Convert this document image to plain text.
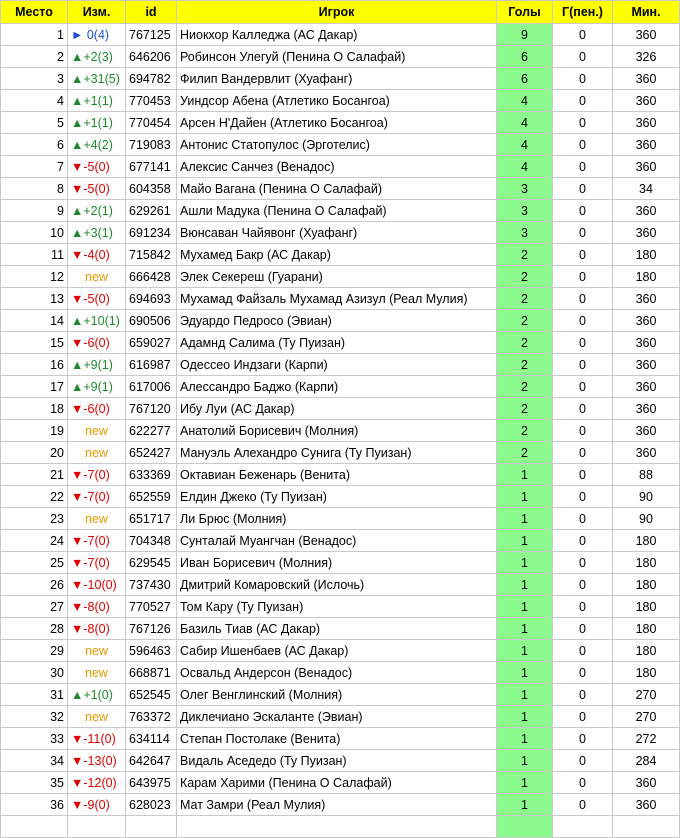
Место	Изм.	id	Игрок	Голы	Г(пен.)	Мин.
1	► 0(4)	767125	Ниокхор Калледжа (АС Дакар)	9	0	360
2	▲+2(3)	646206	Робинсон Улегуй (Пенина О Салафай)	6	0	326
3	▲+31(5)	694782	Филип Вандервлит (Хуафанг)	6	0	360
4	▲+1(1)	770453	Уиндсор Абена (Атлетико Босангоа)	4	0	360
5	▲+1(1)	770454	Арсен Н'Дайен (Атлетико Босангоа)	4	0	360
6	▲+4(2)	719083	Антонис Статопулос (Эрготелис)	4	0	360
7	▼-5(0)	677141	Алексис Санчез (Венадос)	4	0	360
8	▼-5(0)	604358	Майо Вагана (Пенина О Салафай)	3	0	34
9	▲+2(1)	629261	Ашли Мадука (Пенина О Салафай)	3	0	360
10	▲+3(1)	691234	Вюнсаван Чайявонг (Хуафанг)	3	0	360
11	▼-4(0)	715842	Мухамед Бакр (АС Дакар)	2	0	180
12	new	666428	Элек Секереш (Гуарани)	2	0	180
13	▼-5(0)	694693	Мухамад Файзаль Мухамад Азизул (Реал Мулия)	2	0	360
14	▲+10(1)	690506	Эдуардо Педросо (Эвиан)	2	0	360
15	▼-6(0)	659027	Адамнд Салима (Ту Пуизан)	2	0	360
16	▲+9(1)	616987	Одессео Индзаги (Карпи)	2	0	360
17	▲+9(1)	617006	Алессандро Баджо (Карпи)	2	0	360
18	▼-6(0)	767120	Ибу Луи (АС Дакар)	2	0	360
19	new	622277	Анатолий Борисевич (Молния)	2	0	360
20	new	652427	Мануэль Алехандро Сунига (Ту Пуизан)	2	0	360
21	▼-7(0)	633369	Октавиан Беженарь (Венита)	1	0	88
22	▼-7(0)	652559	Елдин Джеко (Ту Пуизан)	1	0	90
23	new	651717	Ли Брюс (Молния)	1	0	90
24	▼-7(0)	704348	Сунталай Муангчан (Венадос)	1	0	180
25	▼-7(0)	629545	Иван Борисевич (Молния)	1	0	180
26	▼-10(0)	737430	Дмитрий Комаровский (Ислочь)	1	0	180
27	▼-8(0)	770527	Том Кару (Ту Пуизан)	1	0	180
28	▼-8(0)	767126	Базиль Тиав (АС Дакар)	1	0	180
29	new	596463	Сабир Ишенбаев (АС Дакар)	1	0	180
30	new	668871	Освальд Андерсон (Венадос)	1	0	180
31	▲+1(0)	652545	Олег Венглинский (Молния)	1	0	270
32	new	763372	Диклечиано Эскаланте (Эвиан)	1	0	270
33	▼-11(0)	634114	Степан Постолаке (Венита)	1	0	272
34	▼-13(0)	642647	Видаль Аседедо (Ту Пуизан)	1	0	284
35	▼-12(0)	643975	Карам Харими (Пенина О Салафай)	1	0	360
36	▼-9(0)	628023	Мат Замри (Реал Мулия)	1	0	360
